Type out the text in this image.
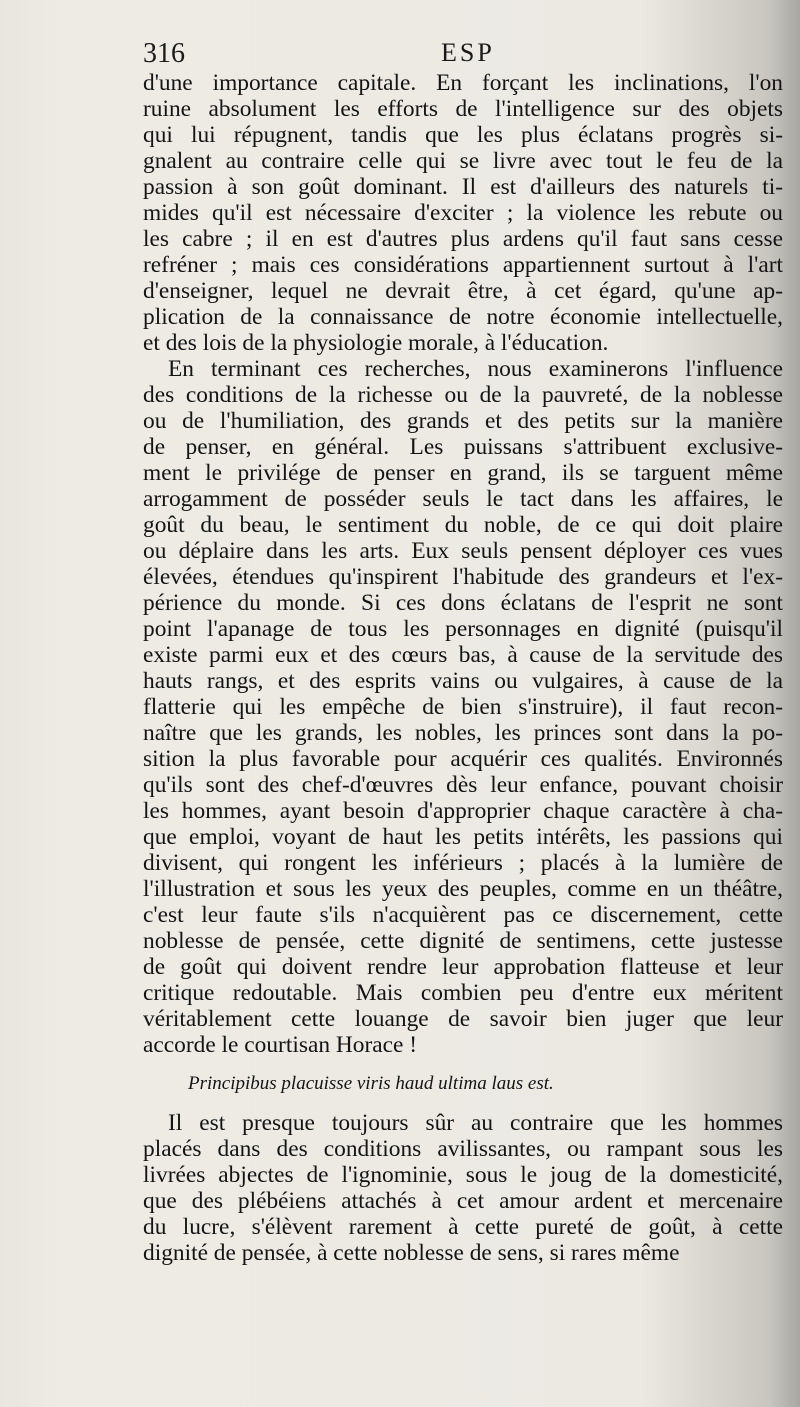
316	ESP
d'une importance capitale. En forçant les inclinations, l'on
ruine absolument les efforts de l'intelligence sur des objets
qui lui répugnent, tandis que les plus éclatans progrès si-
gnalent au contraire celle qui se livre avec tout le feu de la
passion à son goût dominant. Il est d'ailleurs des naturels ti-
mides qu'il est nécessaire d'exciter ; la violence les rebute ou
les cabre ; il en est d'autres plus ardens qu'il faut sans cesse
refréner ; mais ces considérations appartiennent surtout à l'art
d'enseigner, lequel ne devrait être, à cet égard, qu'une ap-
plication de la connaissance de notre économie intellectuelle,
et des lois de la physiologie morale, à l'éducation.
En terminant ces recherches, nous examinerons l'influence
des conditions de la richesse ou de la pauvreté, de la noblesse
ou de l'humiliation, des grands et des petits sur la manière
de penser, en général. Les puissans s'attribuent exclusive-
ment le privilége de penser en grand, ils se targuent même
arrogamment de posséder seuls le tact dans les affaires, le
goût du beau, le sentiment du noble, de ce qui doit plaire
ou déplaire dans les arts. Eux seuls pensent déployer ces vues
élevées, étendues qu'inspirent l'habitude des grandeurs et l'ex-
périence du monde. Si ces dons éclatans de l'esprit ne sont
point l'apanage de tous les personnages en dignité (puisqu'il
existe parmi eux et des cœurs bas, à cause de la servitude des
hauts rangs, et des esprits vains ou vulgaires, à cause de la
flatterie qui les empêche de bien s'instruire), il faut recon-
naître que les grands, les nobles, les princes sont dans la po-
sition la plus favorable pour acquérir ces qualités. Environnés
qu'ils sont des chef-d'œuvres dès leur enfance, pouvant choisir
les hommes, ayant besoin d'approprier chaque caractère à cha-
que emploi, voyant de haut les petits intérêts, les passions qui
divisent, qui rongent les inférieurs ; placés à la lumière de
l'illustration et sous les yeux des peuples, comme en un théâtre,
c'est leur faute s'ils n'acquièrent pas ce discernement, cette
noblesse de pensée, cette dignité de sentimens, cette justesse
de goût qui doivent rendre leur approbation flatteuse et leur
critique redoutable. Mais combien peu d'entre eux méritent
véritablement cette louange de savoir bien juger que leur
accorde le courtisan Horace !
Principibus placuisse viris haud ultima laus est.
Il est presque toujours sûr au contraire que les hommes
placés dans des conditions avilissantes, ou rampant sous les
livrées abjectes de l'ignominie, sous le joug de la domesticité,
que des plébéiens attachés à cet amour ardent et mercenaire
du lucre, s'élèvent rarement à cette pureté de goût, à cette
dignité de pensée, à cette noblesse de sens, si rares même
